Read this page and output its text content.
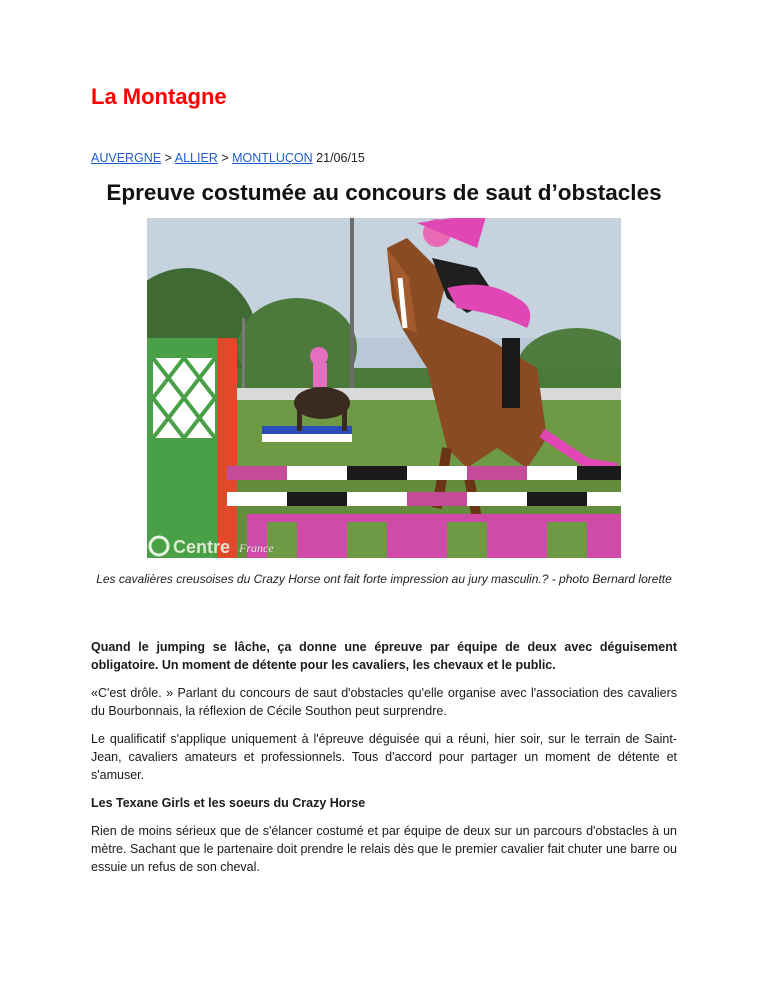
La Montagne
AUVERGNE > ALLIER > MONTLUÇON 21/06/15
Epreuve costumée au concours de saut d’obstacles
Centre France
Les cavalières creusoises du Crazy Horse ont fait forte impression au jury masculin.? - photo Bernard lorette

Quand le jumping se lâche, ça donne une épreuve par équipe de deux avec déguisement obligatoire. Un moment de détente pour les cavaliers, les chevaux et le public.

«C'est drôle. » Parlant du concours de saut d'obstacles qu'elle organise avec l'association des cavaliers du Bourbonnais, la réflexion de Cécile Southon peut surprendre.

Le qualificatif s'applique uniquement à l'épreuve déguisée qui a réuni, hier soir, sur le terrain de Saint-Jean, cavaliers amateurs et professionnels. Tous d'accord pour partager un moment de détente et s'amuser.

Les Texane Girls et les soeurs du Crazy Horse

Rien de moins sérieux que de s'élancer costumé et par équipe de deux sur un parcours d'obstacles à un mètre. Sachant que le partenaire doit prendre le relais dès que le premier cavalier fait chuter une barre ou essuie un refus de son cheval.
